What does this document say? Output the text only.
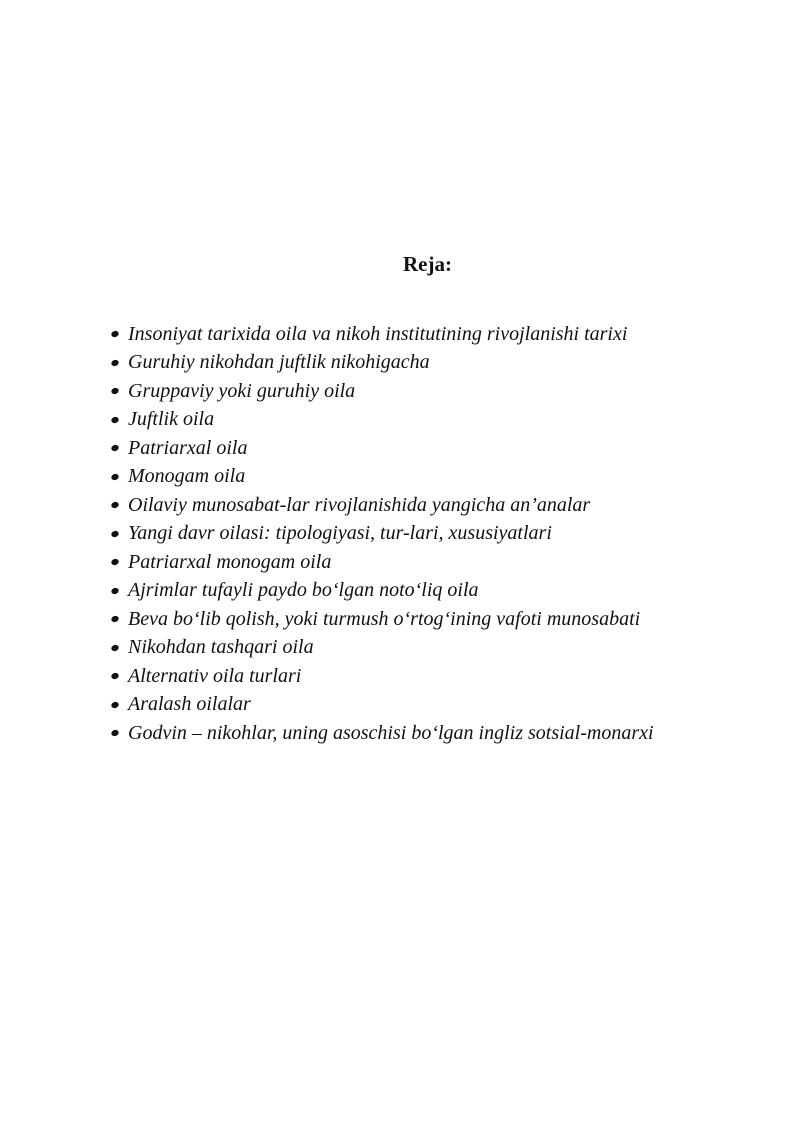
Reja:
Insoniyat tarixida oila va nikoh institutining rivojlanishi tarixi
Guruhiy nikohdan juftlik nikohigacha
Gruppaviy yoki guruhiy oila
Juftlik oila
Patriarxal oila
Monogam oila
Oilaviy munosabat-lar rivojlanishida yangicha an’analar
Yangi davr oilasi: tipologiyasi, tur-lari, xususiyatlari
Patriarxal monogam oila
Ajrimlar tufayli paydo bo‘lgan noto‘liq oila
Beva bo‘lib qolish, yoki turmush o‘rtog‘ining vafoti munosabati
Nikohdan tashqari oila
Alternativ oila turlari
Aralash oilalar
Godvin – nikohlar, uning asoschisi bo‘lgan ingliz sotsial-monarxi
